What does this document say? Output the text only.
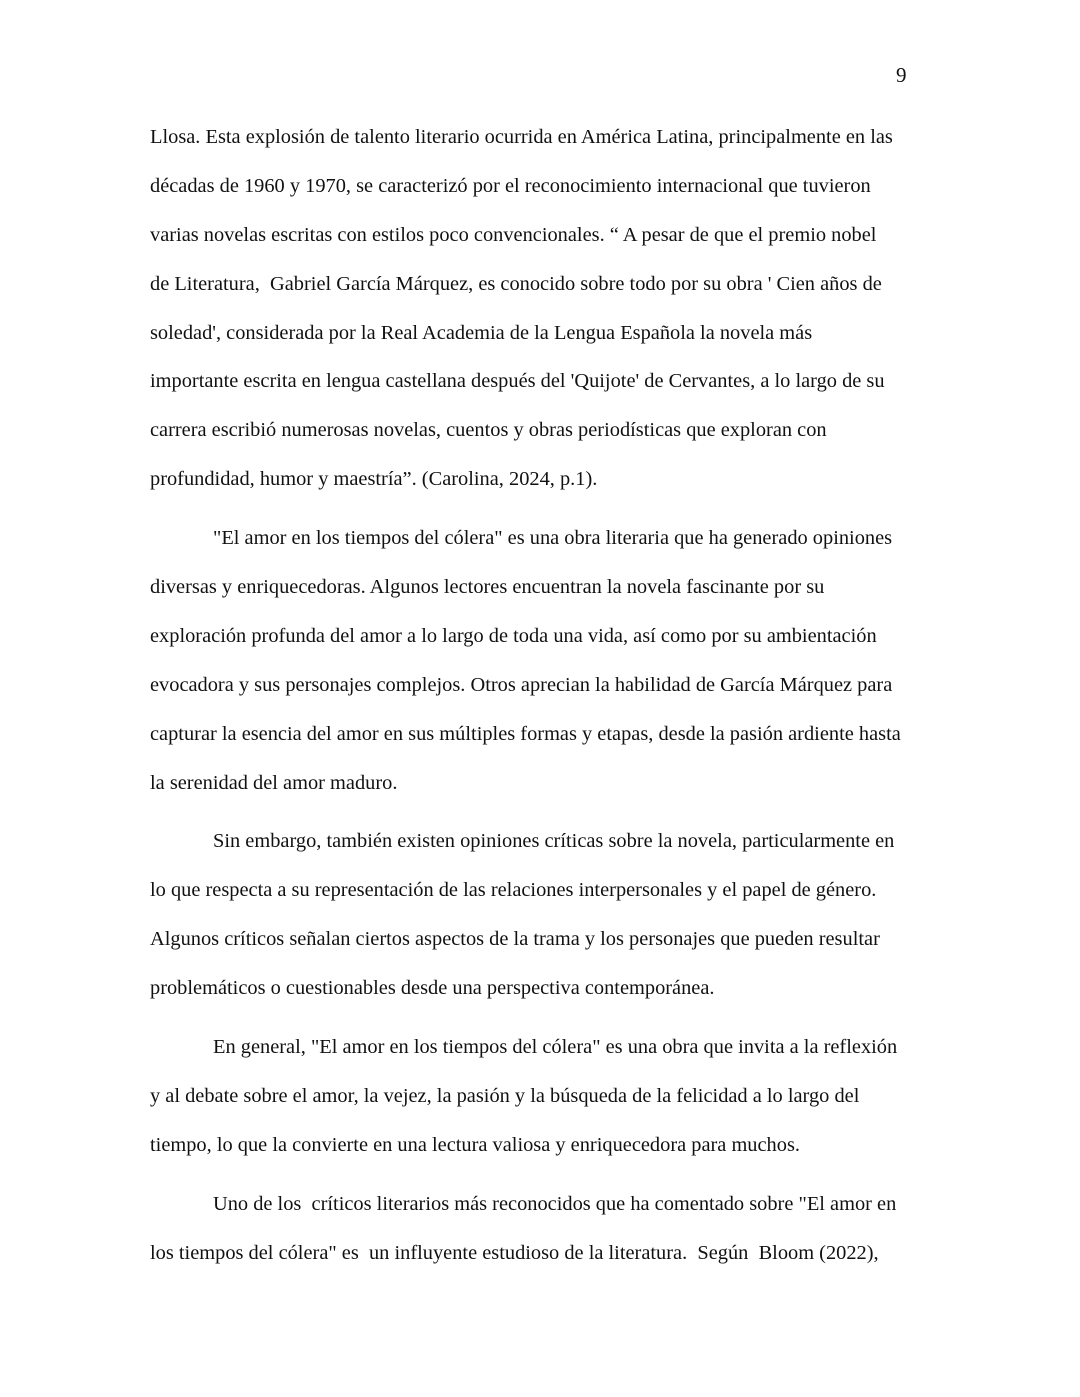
9
Llosa. Esta explosión de talento literario ocurrida en América Latina, principalmente en las
décadas de 1960 y 1970, se caracterizó por el reconocimiento internacional que tuvieron
varias novelas escritas con estilos poco convencionales. “ A pesar de que el premio nobel
de Literatura,  Gabriel García Márquez, es conocido sobre todo por su obra ' Cien años de
soledad', considerada por la Real Academia de la Lengua Española la novela más
importante escrita en lengua castellana después del 'Quijote' de Cervantes, a lo largo de su
carrera escribió numerosas novelas, cuentos y obras periodísticas que exploran con
profundidad, humor y maestría”. (Carolina, 2024, p.1).
"El amor en los tiempos del cólera" es una obra literaria que ha generado opiniones
diversas y enriquecedoras. Algunos lectores encuentran la novela fascinante por su
exploración profunda del amor a lo largo de toda una vida, así como por su ambientación
evocadora y sus personajes complejos. Otros aprecian la habilidad de García Márquez para
capturar la esencia del amor en sus múltiples formas y etapas, desde la pasión ardiente hasta
la serenidad del amor maduro.
Sin embargo, también existen opiniones críticas sobre la novela, particularmente en
lo que respecta a su representación de las relaciones interpersonales y el papel de género.
Algunos críticos señalan ciertos aspectos de la trama y los personajes que pueden resultar
problemáticos o cuestionables desde una perspectiva contemporánea.
En general, "El amor en los tiempos del cólera" es una obra que invita a la reflexión
y al debate sobre el amor, la vejez, la pasión y la búsqueda de la felicidad a lo largo del
tiempo, lo que la convierte en una lectura valiosa y enriquecedora para muchos.
Uno de los  críticos literarios más reconocidos que ha comentado sobre "El amor en
los tiempos del cólera" es  un influyente estudioso de la literatura.  Según  Bloom (2022),
